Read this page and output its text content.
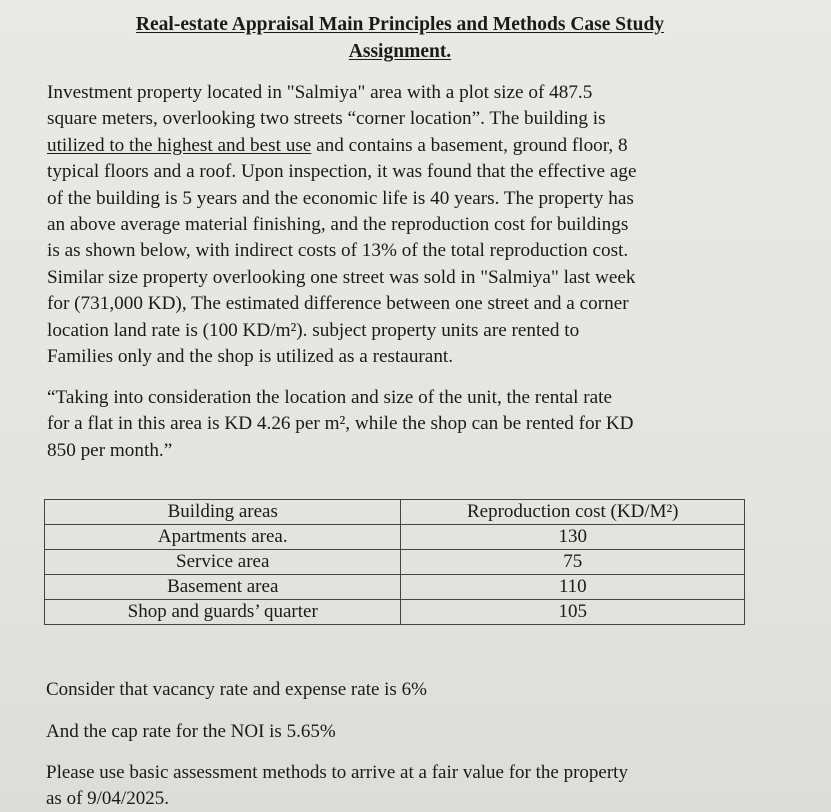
Real-estate Appraisal Main Principles and Methods Case Study
Assignment.

Investment property located in "Salmiya" area with a plot size of 487.5
square meters, overlooking two streets “corner location”. The building is
utilized to the highest and best use and contains a basement, ground floor, 8
typical floors and a roof. Upon inspection, it was found that the effective age
of the building is 5 years and the economic life is 40 years. The property has
an above average material finishing, and the reproduction cost for buildings
is as shown below, with indirect costs of 13% of the total reproduction cost.
Similar size property overlooking one street was sold in "Salmiya" last week
for (731,000 KD), The estimated difference between one street and a corner
location land rate is (100 KD/m²). subject property units are rented to
Families only and the shop is utilized as a restaurant.

“Taking into consideration the location and size of the unit, the rental rate
for a flat in this area is KD 4.26 per m², while the shop can be rented for KD
850 per month.”

Building areas	Reproduction cost (KD/M²)
Apartments area.	130
Service area	75
Basement area	110
Shop and guards’ quarter	105

Consider that vacancy rate and expense rate is 6%

And the cap rate for the NOI is 5.65%

Please use basic assessment methods to arrive at a fair value for the property
as of 9/04/2025.
